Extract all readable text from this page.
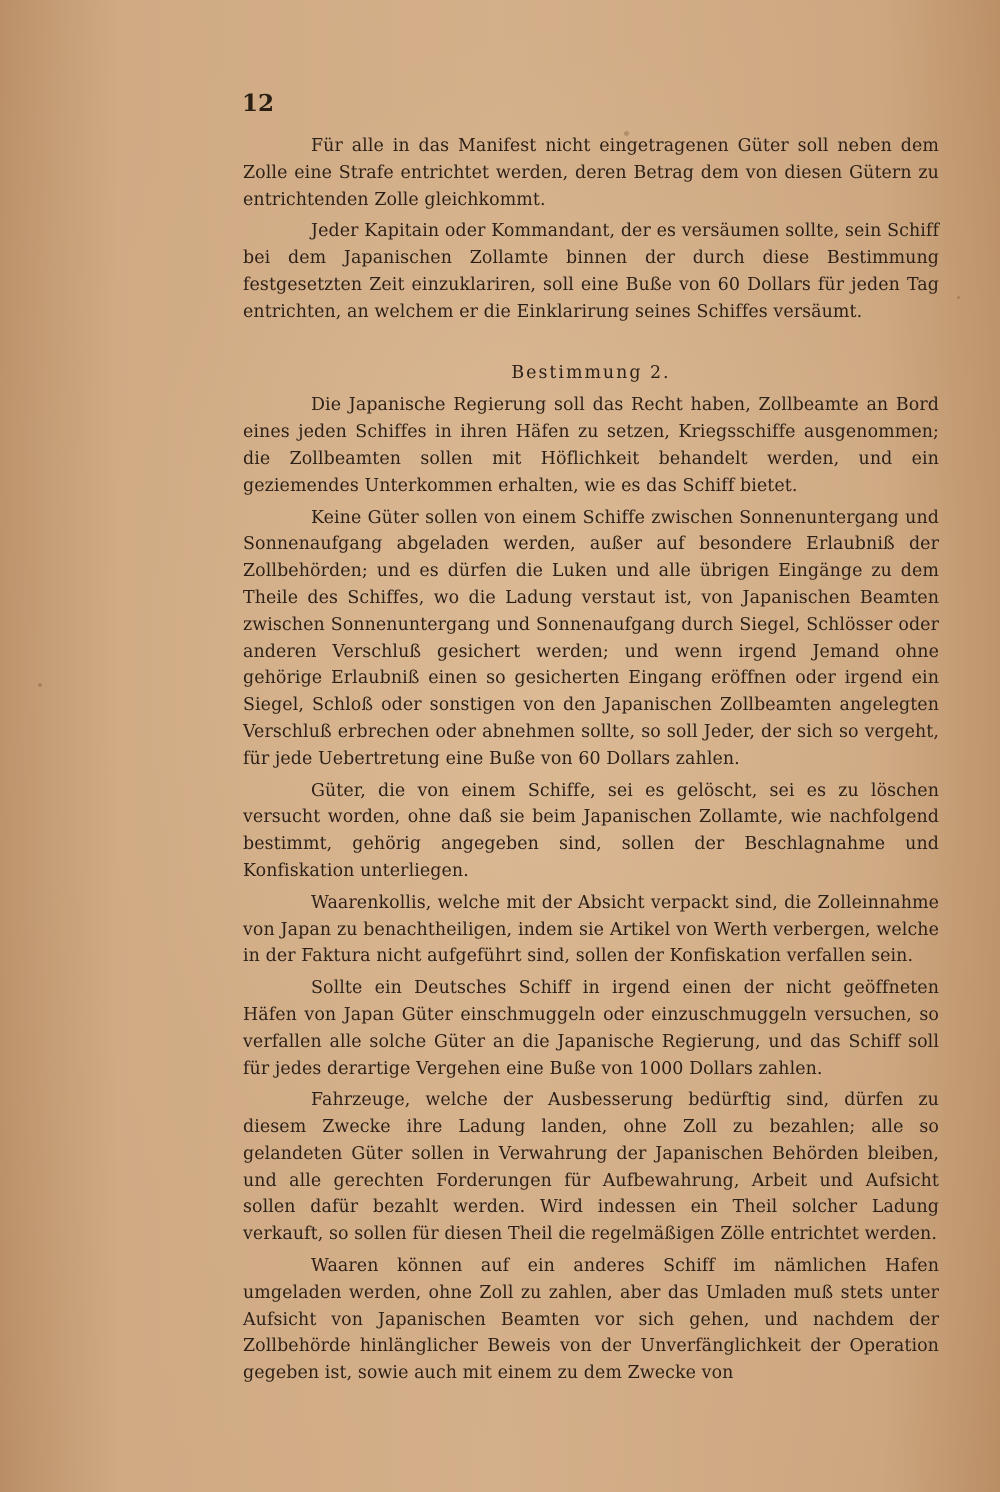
12

Für alle in das Manifest nicht eingetragenen Güter soll neben dem Zolle eine Strafe entrichtet werden, deren Betrag dem von diesen Gütern zu entrichtenden Zolle gleichkommt.

Jeder Kapitain oder Kommandant, der es versäumen sollte, sein Schiff bei dem Japanischen Zollamte binnen der durch diese Bestimmung festgesetzten Zeit einzuklariren, soll eine Buße von 60 Dollars für jeden Tag entrichten, an welchem er die Einklarirung seines Schiffes versäumt.

Bestimmung 2.

Die Japanische Regierung soll das Recht haben, Zollbeamte an Bord eines jeden Schiffes in ihren Häfen zu setzen, Kriegsschiffe ausgenommen; die Zollbeamten sollen mit Höflichkeit behandelt werden, und ein geziemendes Unterkommen erhalten, wie es das Schiff bietet.

Keine Güter sollen von einem Schiffe zwischen Sonnenuntergang und Sonnenaufgang abgeladen werden, außer auf besondere Erlaubniß der Zollbehörden; und es dürfen die Luken und alle übrigen Eingänge zu dem Theile des Schiffes, wo die Ladung verstaut ist, von Japanischen Beamten zwischen Sonnenuntergang und Sonnenaufgang durch Siegel, Schlösser oder anderen Verschluß gesichert werden; und wenn irgend Jemand ohne gehörige Erlaubniß einen so gesicherten Eingang eröffnen oder irgend ein Siegel, Schloß oder sonstigen von den Japanischen Zollbeamten angelegten Verschluß erbrechen oder abnehmen sollte, so soll Jeder, der sich so vergeht, für jede Uebertretung eine Buße von 60 Dollars zahlen.

Güter, die von einem Schiffe, sei es gelöscht, sei es zu löschen versucht worden, ohne daß sie beim Japanischen Zollamte, wie nachfolgend bestimmt, gehörig angegeben sind, sollen der Beschlagnahme und Konfiskation unterliegen.

Waarenkollis, welche mit der Absicht verpackt sind, die Zolleinnahme von Japan zu benachtheiligen, indem sie Artikel von Werth verbergen, welche in der Faktura nicht aufgeführt sind, sollen der Konfiskation verfallen sein.

Sollte ein Deutsches Schiff in irgend einen der nicht geöffneten Häfen von Japan Güter einschmuggeln oder einzuschmuggeln versuchen, so verfallen alle solche Güter an die Japanische Regierung, und das Schiff soll für jedes derartige Vergehen eine Buße von 1000 Dollars zahlen.

Fahrzeuge, welche der Ausbesserung bedürftig sind, dürfen zu diesem Zwecke ihre Ladung landen, ohne Zoll zu bezahlen; alle so gelandeten Güter sollen in Verwahrung der Japanischen Behörden bleiben, und alle gerechten Forderungen für Aufbewahrung, Arbeit und Aufsicht sollen dafür bezahlt werden. Wird indessen ein Theil solcher Ladung verkauft, so sollen für diesen Theil die regelmäßigen Zölle entrichtet werden.

Waaren können auf ein anderes Schiff im nämlichen Hafen umgeladen werden, ohne Zoll zu zahlen, aber das Umladen muß stets unter Aufsicht von Japanischen Beamten vor sich gehen, und nachdem der Zollbehörde hinlänglicher Beweis von der Unverfänglichkeit der Operation gegeben ist, sowie auch mit einem zu dem Zwecke von
